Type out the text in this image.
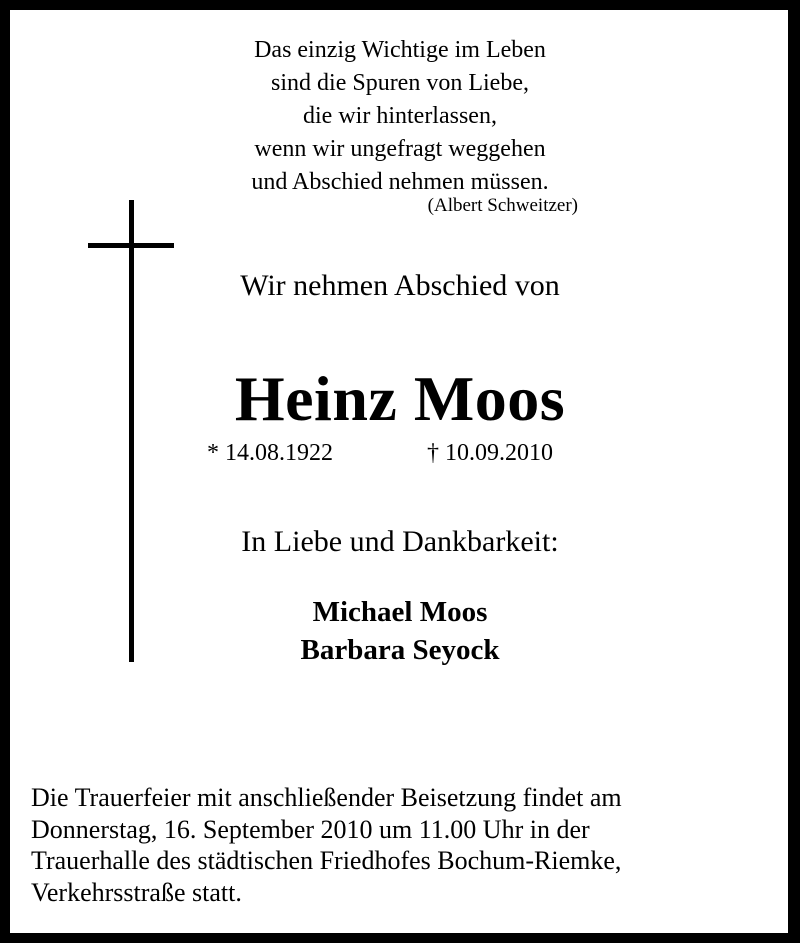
Das einzig Wichtige im Leben
sind die Spuren von Liebe,
die wir hinterlassen,
wenn wir ungefragt weggehen
und Abschied nehmen müssen.
(Albert Schweitzer)
Wir nehmen Abschied von
Heinz Moos
* 14.08.1922	† 10.09.2010
In Liebe und Dankbarkeit:
Michael Moos
Barbara Seyock
Die Trauerfeier mit anschließender Beisetzung findet am
Donnerstag, 16. September 2010 um 11.00 Uhr in der
Trauerhalle des städtischen Friedhofes Bochum-Riemke,
Verkehrsstraße statt.
